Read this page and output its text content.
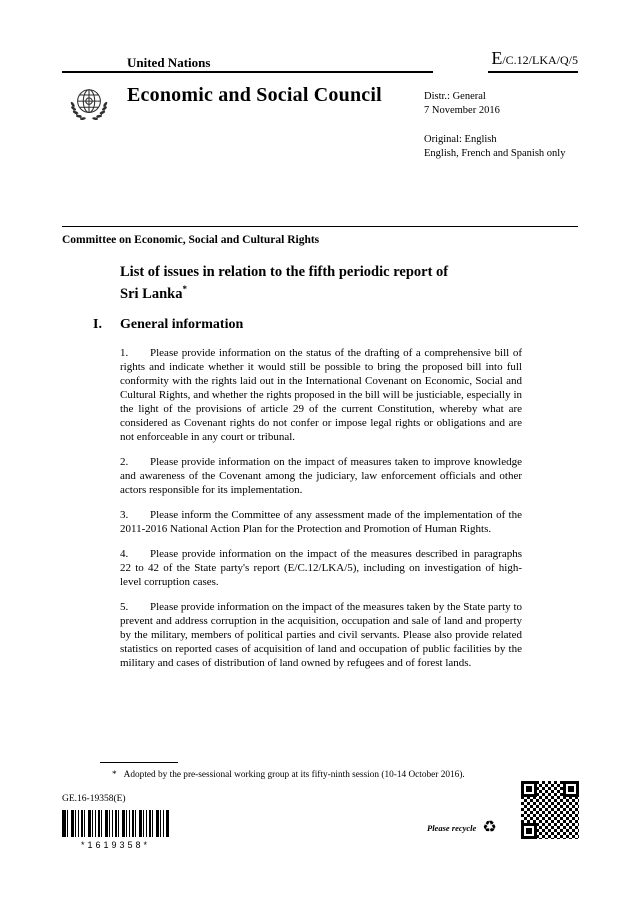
United Nations	E/C.12/LKA/Q/5
Economic and Social Council	Distr.: General
7 November 2016
Original: English
English, French and Spanish only
Committee on Economic, Social and Cultural Rights
List of issues in relation to the fifth periodic report of
Sri Lanka*
I. General information

1. Please provide information on the status of the drafting of a comprehensive bill of rights and indicate whether it would still be possible to bring the proposed bill into full conformity with the rights laid out in the International Covenant on Economic, Social and Cultural Rights, and whether the rights proposed in the bill will be justiciable, especially in the light of the provisions of article 29 of the current Constitution, whereby what are considered as Covenant rights do not confer or impose legal rights or obligations and are not enforceable in any court or tribunal.

2. Please provide information on the impact of measures taken to improve knowledge and awareness of the Covenant among the judiciary, law enforcement officials and other actors responsible for its implementation.

3. Please inform the Committee of any assessment made of the implementation of the 2011-2016 National Action Plan for the Protection and Promotion of Human Rights.

4. Please provide information on the impact of the measures described in paragraphs 22 to 42 of the State party's report (E/C.12/LKA/5), including on investigation of high-level corruption cases.

5. Please provide information on the impact of the measures taken by the State party to prevent and address corruption in the acquisition, occupation and sale of land and property by the military, members of political parties and civil servants. Please also provide related statistics on reported cases of acquisition of land and occupation of public facilities by the military and cases of distribution of land owned by refugees and of forest lands.

* Adopted by the pre-sessional working group at its fifty-ninth session (10-14 October 2016).

GE.16-19358(E)
*1619358*
Please recycle ♻
